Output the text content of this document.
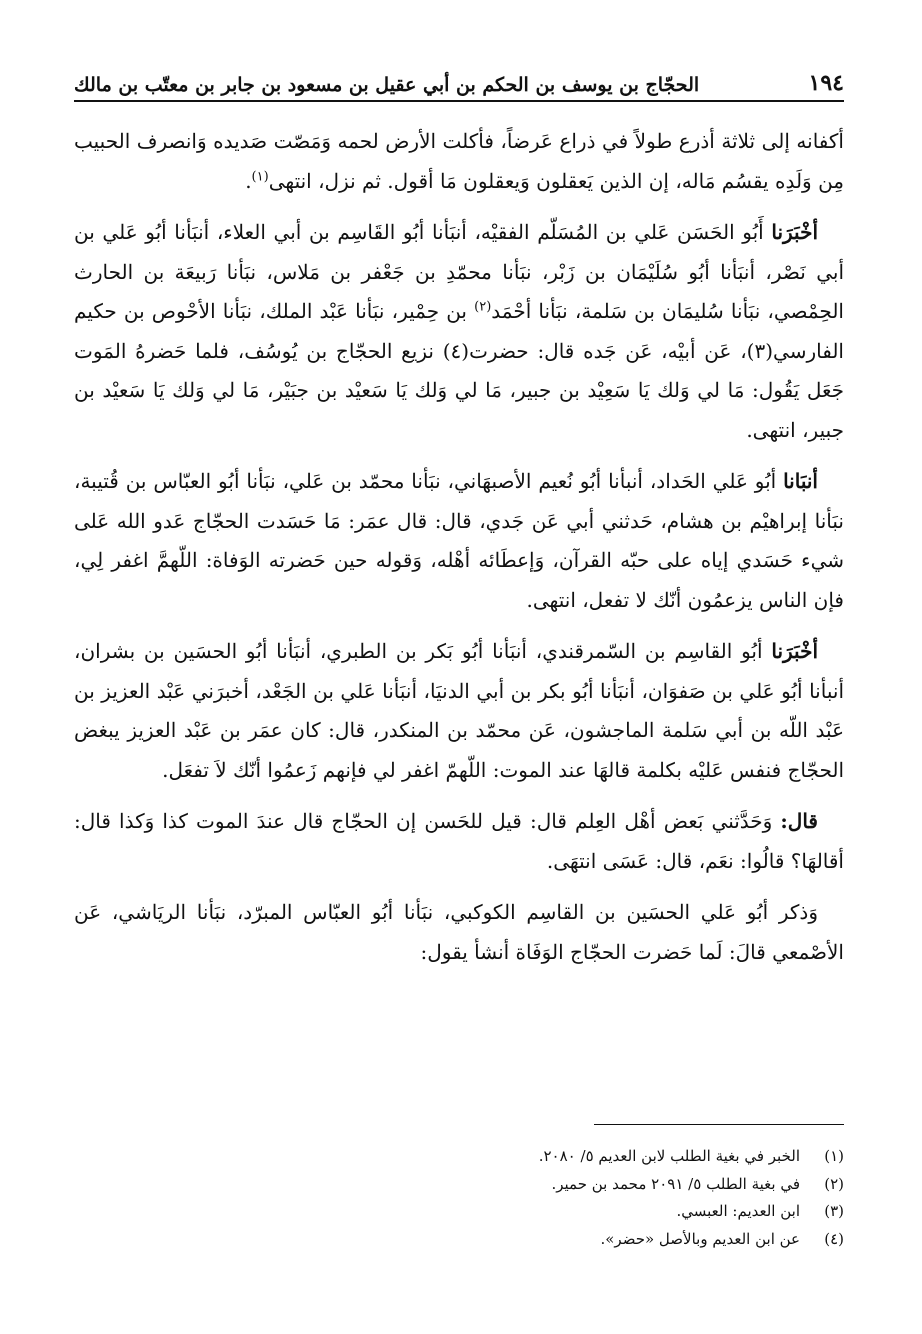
١٩٤
الحجّاج بن يوسف بن الحكم بن أبي عقيل بن مسعود بن جابر بن معتّب بن مالك

أكفانه إلى ثلاثة أذرع طولاً في ذراع عَرضاً، فأكلت الأرض لحمه وَمَصّت صَديده وَانصرف الحبيب مِن وَلَدِه يقسُم مَاله، إن الذين يَعقلون وَيعقلون مَا أقول. ثم نزل، انتهى$^{(١)}$.

أخْبَرَنا أَبُو الحَسَن عَلي بن المُسَلّم الفقيْه، أنبَأنا أبُو القَاسِم بن أبي العلاء، أنبَأنا أبُو عَلي بن أبي نَصْر، أنبَأنا أبُو سُلَيْمَان بن زَبْر، نبَأنا محمّدِ بن جَعْفر بن مَلاس، نبَأنا رَبيعَة بن الحارث الحِمْصي، نبَأنا سُليمَان بن سَلمة، نبَأنا أحْمَد$^{(٢)}$ بن حِمْير، نبَأنا عَبْد الملك، نبَأنا الأحْوص بن حكيم الفارسي(٣)، عَن أبيْه، عَن جَده قال: حضرت(٤) نزيع الحجّاج بن يُوسُف، فلما حَضرهُ المَوت جَعَل يَقُول: مَا لي وَلك يَا سَعِيْد بن جبير، مَا لي وَلك يَا سَعيْد بن جبَيْر، مَا لي وَلك يَا سَعيْد بن جبير، انتهى.

أنبَانا أبُو عَلي الحَداد، أنبأنا أبُو نُعيم الأصبهَاني، نبَأنا محمّد بن عَلي، نبَأنا أبُو العبّاس بن قُتيبة، نبَأنا إبراهيْم بن هشام، حَدثني أبي عَن جَدي، قال: قال عمَر: مَا حَسَدت الحجّاج عَدو الله عَلى شيء حَسَدي إياه على حبّه القرآن، وَإعطَائه أهْله، وَقوله حين حَضرته الوَفاة: اللّهمَّ اغفر لِي، فإن الناس يزعمُون أنّك لا تفعل، انتهى.

أخْبَرَنا أبُو القاسِم بن السّمرقندي، أنبَأنا أبُو بَكر بن الطبري، أنبَأنا أبُو الحسَين بن بشران، أنبأنا أبُو عَلي بن صَفوَان، أنبَأنا أبُو بكر بن أبي الدنيَا، أنبَأنا عَلي بن الجَعْد، أخبرَني عَبْد العزيز بن عَبْد اللّه بن أبي سَلمة الماجشون، عَن محمّد بن المنكدر، قال: كان عمَر بن عَبْد العزيز يبغض الحجّاج فنفس عَليْه بكلمة قالهَا عند الموت: اللّهمّ اغفر لي فإنهم زَعمُوا أنّك لاَ تفعَل.

قال: وَحَدَّثني بَعض أهْل العِلم قال: قيل للحَسن إن الحجّاج قال عندَ الموت كذا وَكذا قال: أقالهَا؟ قالُوا: نعَم، قال: عَسَى انتهَى.

وَذكر أبُو عَلي الحسَين بن القاسِم الكوكبي، نبَأنا أبُو العبّاس المبرّد، نبَأنا الريَاشي، عَن الأصْمعي قالَ: لَما حَضرت الحجّاج الوَفَاة أنشأ يقول:

(١)
الخبر في بغية الطلب لابن العديم ٥/ ٢٠٨٠.
(٢)
في بغية الطلب ٥/ ٢٠٩١ محمد بن حمير.
(٣)
ابن العديم: العبسي.
(٤)
عن ابن العديم وبالأصل «حضر».
